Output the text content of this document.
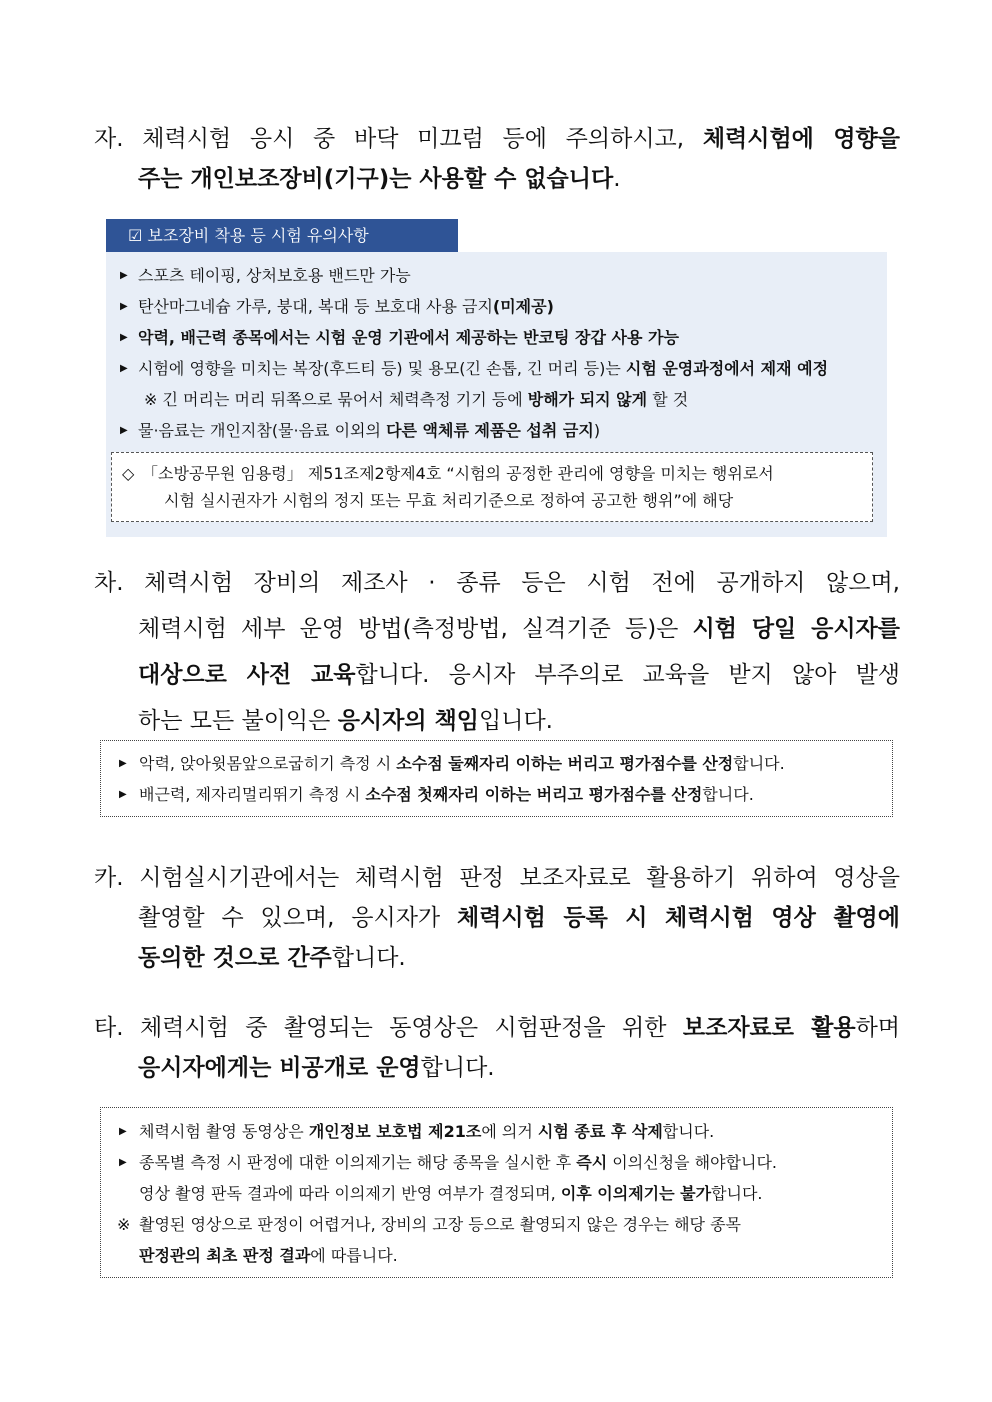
자. 체력시험 응시 중 바닥 미끄럼 등에 주의하시고, 체력시험에 영향을
주는 개인보조장비(기구)는 사용할 수 없습니다.
☑ 보조장비 착용 등 시험 유의사항
▶ 스포츠 테이핑, 상처보호용 밴드만 가능
▶ 탄산마그네슘 가루, 붕대, 복대 등 보호대 사용 금지(미제공)
▶ 악력, 배근력 종목에서는 시험 운영 기관에서 제공하는 반코팅 장갑 사용 가능
▶ 시험에 영향을 미치는 복장(후드티 등) 및 용모(긴 손톱, 긴 머리 등)는 시험 운영과정에서 제재 예정
※ 긴 머리는 머리 뒤쪽으로 묶어서 체력측정 기기 등에 방해가 되지 않게 할 것
▶ 물·음료는 개인지참(물·음료 이외의 다른 액체류 제품은 섭취 금지)
◇ 「소방공무원 임용령」 제51조제2항제4호 “시험의 공정한 관리에 영향을 미치는 행위로서
시험 실시권자가 시험의 정지 또는 무효 처리기준으로 정하여 공고한 행위”에 해당
차. 체력시험 장비의 제조사 · 종류 등은 시험 전에 공개하지 않으며,
체력시험 세부 운영 방법(측정방법, 실격기준 등)은 시험 당일 응시자를
대상으로 사전 교육합니다. 응시자 부주의로 교육을 받지 않아 발생
하는 모든 불이익은 응시자의 책임입니다.
▶ 악력, 앉아윗몸앞으로굽히기 측정 시 소수점 둘째자리 이하는 버리고 평가점수를 산정합니다.
▶ 배근력, 제자리멀리뛰기 측정 시 소수점 첫째자리 이하는 버리고 평가점수를 산정합니다.
카. 시험실시기관에서는 체력시험 판정 보조자료로 활용하기 위하여 영상을
촬영할 수 있으며, 응시자가 체력시험 등록 시 체력시험 영상 촬영에
동의한 것으로 간주합니다.
타. 체력시험 중 촬영되는 동영상은 시험판정을 위한 보조자료로 활용하며
응시자에게는 비공개로 운영합니다.
▶ 체력시험 촬영 동영상은 개인정보 보호법 제21조에 의거 시험 종료 후 삭제합니다.
▶ 종목별 측정 시 판정에 대한 이의제기는 해당 종목을 실시한 후 즉시 이의신청을 해야합니다.
영상 촬영 판독 결과에 따라 이의제기 반영 여부가 결정되며, 이후 이의제기는 불가합니다.
※ 촬영된 영상으로 판정이 어렵거나, 장비의 고장 등으로 촬영되지 않은 경우는 해당 종목
판정관의 최초 판정 결과에 따릅니다.
